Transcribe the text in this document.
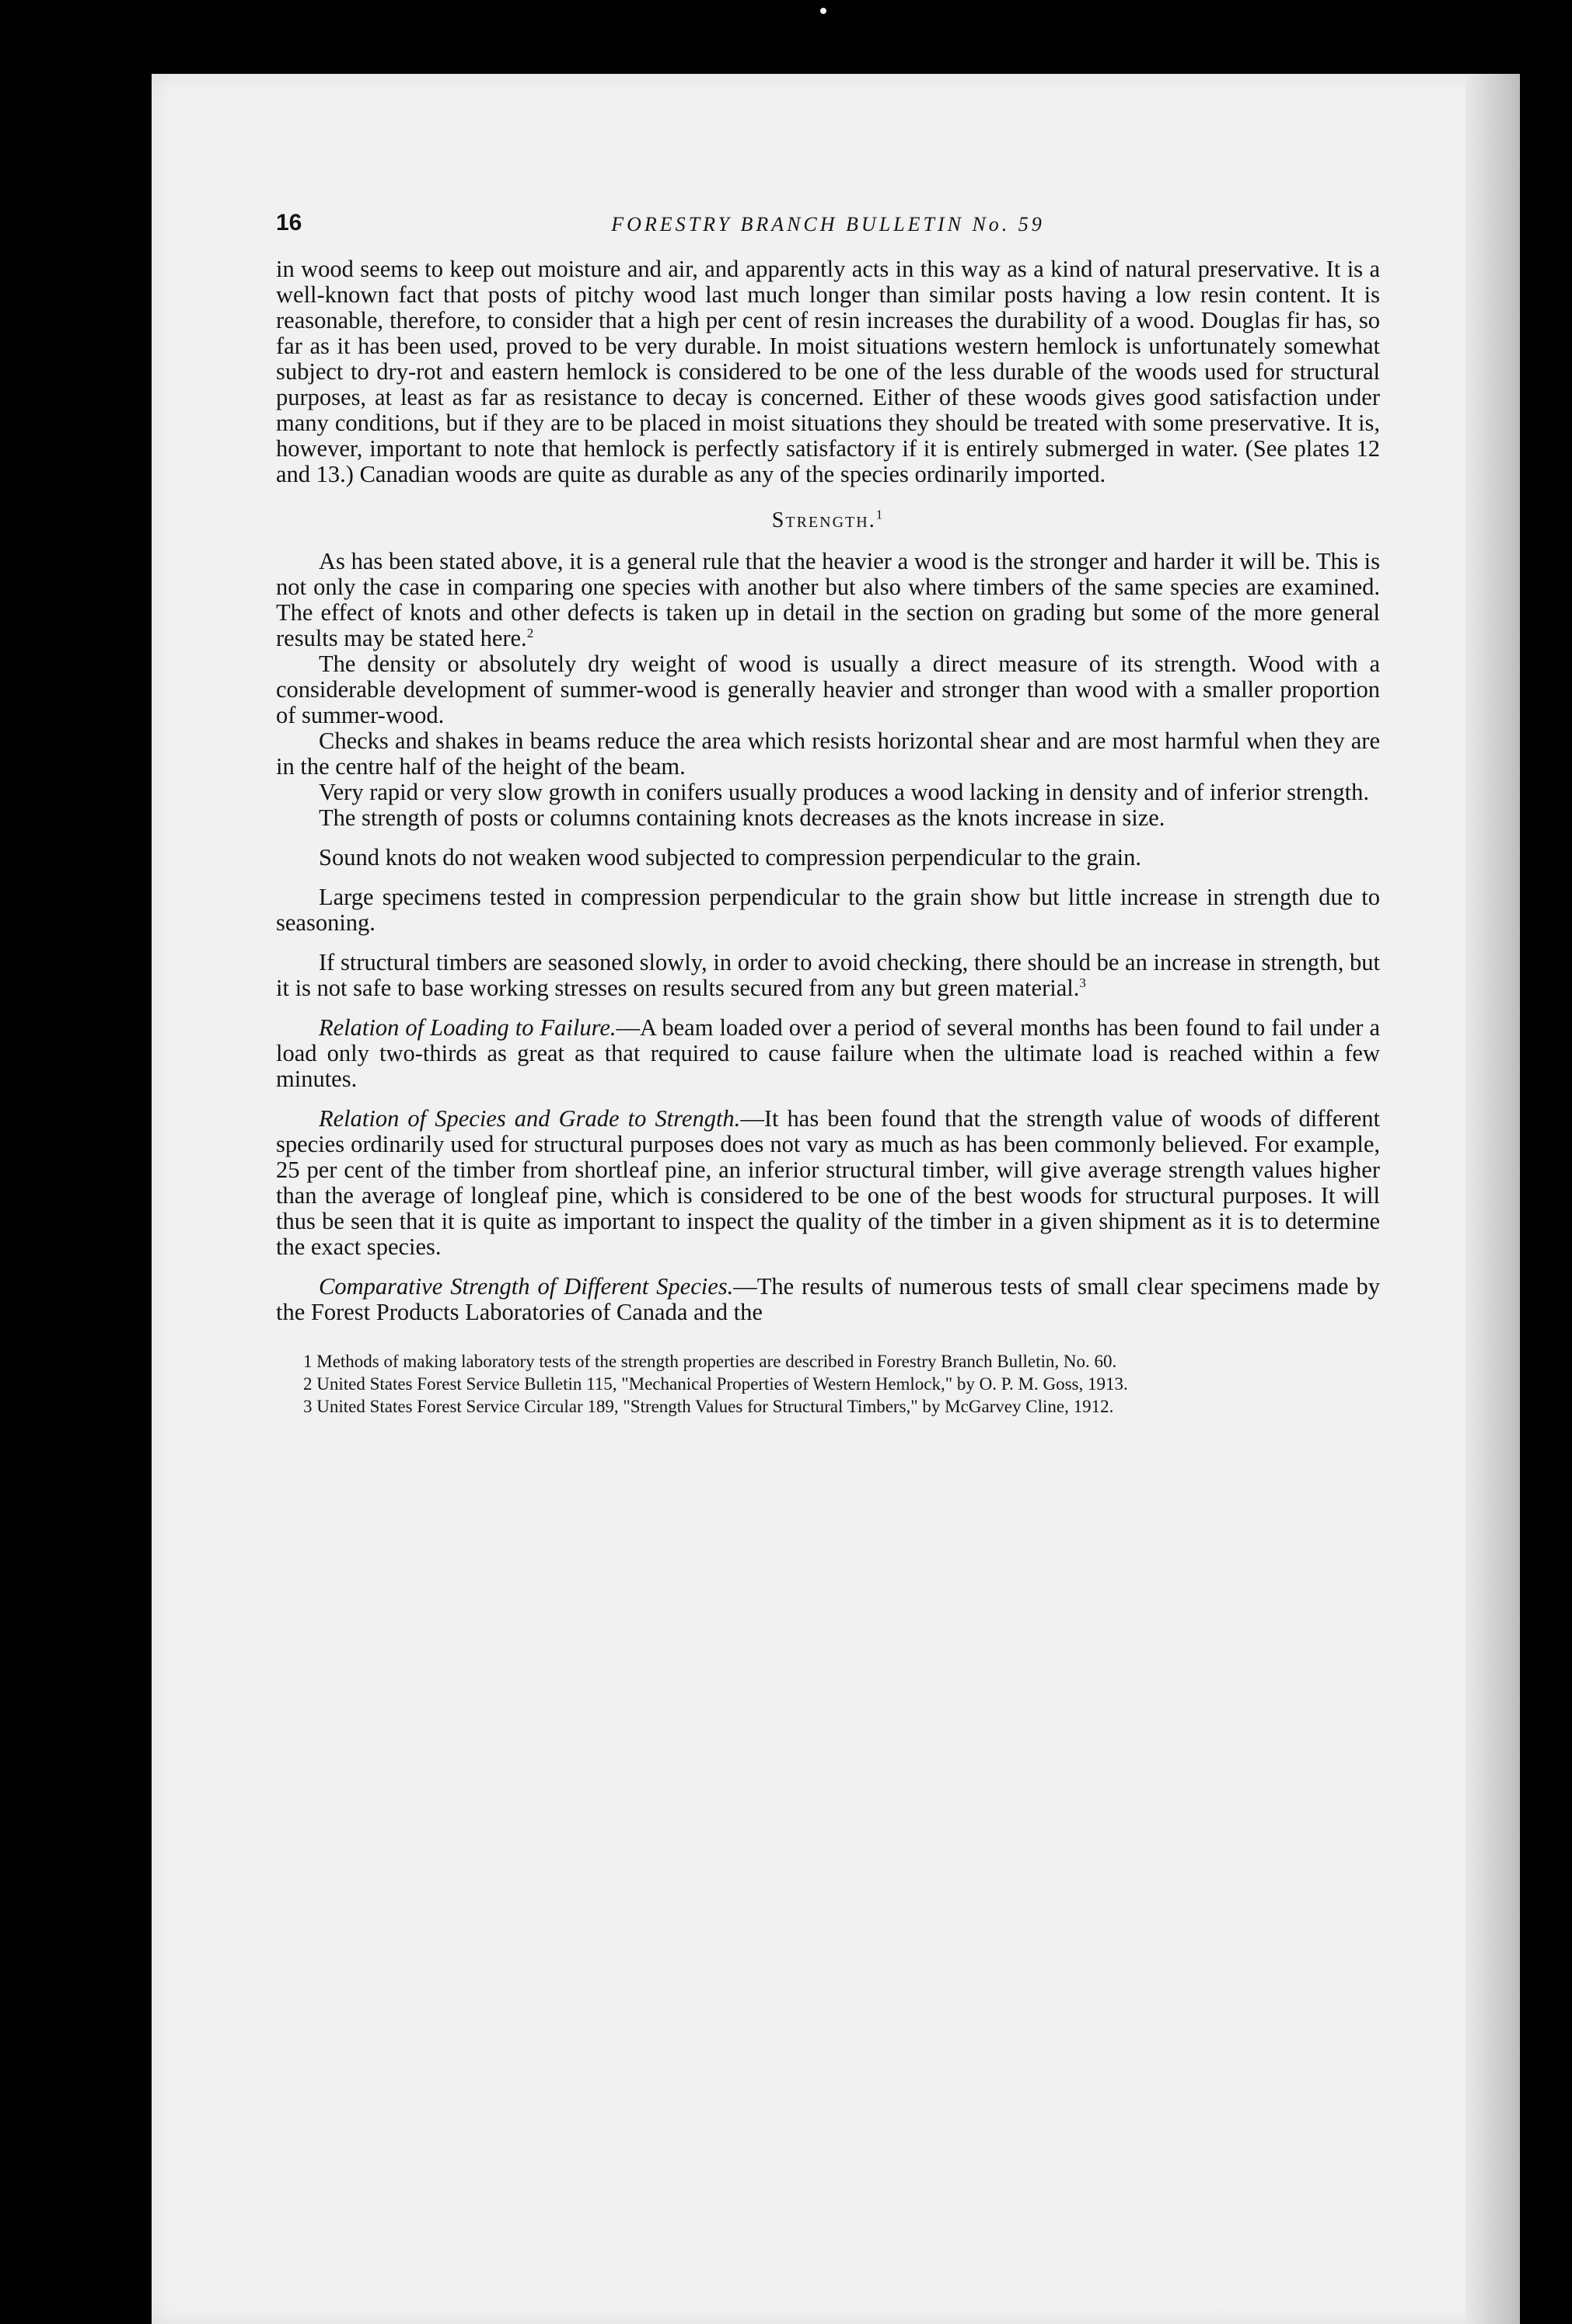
16	FORESTRY BRANCH BULLETIN No. 59

in wood seems to keep out moisture and air, and apparently acts in this way as a kind of natural preservative. It is a well-known fact that posts of pitchy wood last much longer than similar posts having a low resin content. It is reasonable, therefore, to consider that a high per cent of resin increases the durability of a wood. Douglas fir has, so far as it has been used, proved to be very durable. In moist situations western hemlock is unfortunately somewhat subject to dry-rot and eastern hemlock is considered to be one of the less durable of the woods used for structural purposes, at least as far as resistance to decay is concerned. Either of these woods gives good satisfaction under many conditions, but if they are to be placed in moist situations they should be treated with some preservative. It is, however, important to note that hemlock is perfectly satisfactory if it is entirely submerged in water. (See plates 12 and 13.) Canadian woods are quite as durable as any of the species ordinarily imported.

Strength.$^1$

As has been stated above, it is a general rule that the heavier a wood is the stronger and harder it will be. This is not only the case in comparing one species with another but also where timbers of the same species are examined. The effect of knots and other defects is taken up in detail in the section on grading but some of the more general results may be stated here.$^2$

The density or absolutely dry weight of wood is usually a direct measure of its strength. Wood with a considerable development of summer-wood is generally heavier and stronger than wood with a smaller proportion of summer-wood.

Checks and shakes in beams reduce the area which resists horizontal shear and are most harmful when they are in the centre half of the height of the beam.

Very rapid or very slow growth in conifers usually produces a wood lacking in density and of inferior strength.

The strength of posts or columns containing knots decreases as the knots increase in size.

Sound knots do not weaken wood subjected to compression perpendicular to the grain.

Large specimens tested in compression perpendicular to the grain show but little increase in strength due to seasoning.

If structural timbers are seasoned slowly, in order to avoid checking, there should be an increase in strength, but it is not safe to base working stresses on results secured from any but green material.$^3$

Relation of Loading to Failure.—A beam loaded over a period of several months has been found to fail under a load only two-thirds as great as that required to cause failure when the ultimate load is reached within a few minutes.

Relation of Species and Grade to Strength.—It has been found that the strength value of woods of different species ordinarily used for structural purposes does not vary as much as has been commonly believed. For example, 25 per cent of the timber from shortleaf pine, an inferior structural timber, will give average strength values higher than the average of longleaf pine, which is considered to be one of the best woods for structural purposes. It will thus be seen that it is quite as important to inspect the quality of the timber in a given shipment as it is to determine the exact species.

Comparative Strength of Different Species.—The results of numerous tests of small clear specimens made by the Forest Products Laboratories of Canada and the

1 Methods of making laboratory tests of the strength properties are described in Forestry Branch Bulletin, No. 60.

2 United States Forest Service Bulletin 115, "Mechanical Properties of Western Hemlock," by O. P. M. Goss, 1913.

3 United States Forest Service Circular 189, "Strength Values for Structural Timbers," by McGarvey Cline, 1912.
